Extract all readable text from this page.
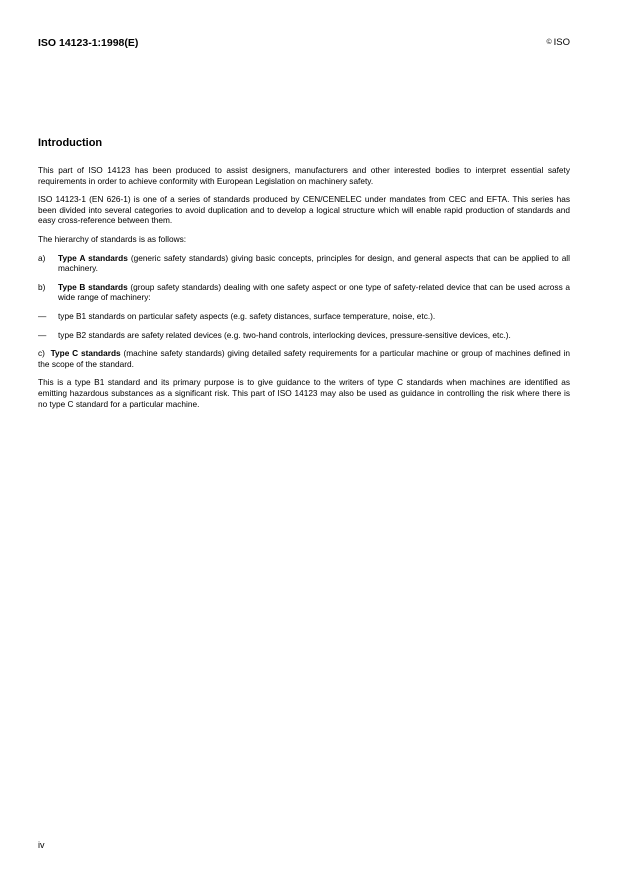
ISO 14123-1:1998(E)	© ISO
Introduction

This part of ISO 14123 has been produced to assist designers, manufacturers and other interested bodies to interpret essential safety requirements in order to achieve conformity with European Legislation on machinery safety.

ISO 14123-1 (EN 626-1) is one of a series of standards produced by CEN/CENELEC under mandates from CEC and EFTA. This series has been divided into several categories to avoid duplication and to develop a logical structure which will enable rapid production of standards and easy cross-reference between them.

The hierarchy of standards is as follows:

a)	Type A standards (generic safety standards) giving basic concepts, principles for design, and general aspects that can be applied to all machinery.
b)	Type B standards (group safety standards) dealing with one safety aspect or one type of safety-related device that can be used across a wide range of machinery:
—	type B1 standards on particular safety aspects (e.g. safety distances, surface temperature, noise, etc.).
—	type B2 standards are safety related devices (e.g. two-hand controls, interlocking devices, pressure-sensitive devices, etc.).

c) Type C standards (machine safety standards) giving detailed safety requirements for a particular machine or group of machines defined in the scope of the standard.

This is a type B1 standard and its primary purpose is to give guidance to the writers of type C standards when machines are identified as emitting hazardous substances as a significant risk. This part of ISO 14123 may also be used as guidance in controlling the risk where there is no type C standard for a particular machine.

iv
